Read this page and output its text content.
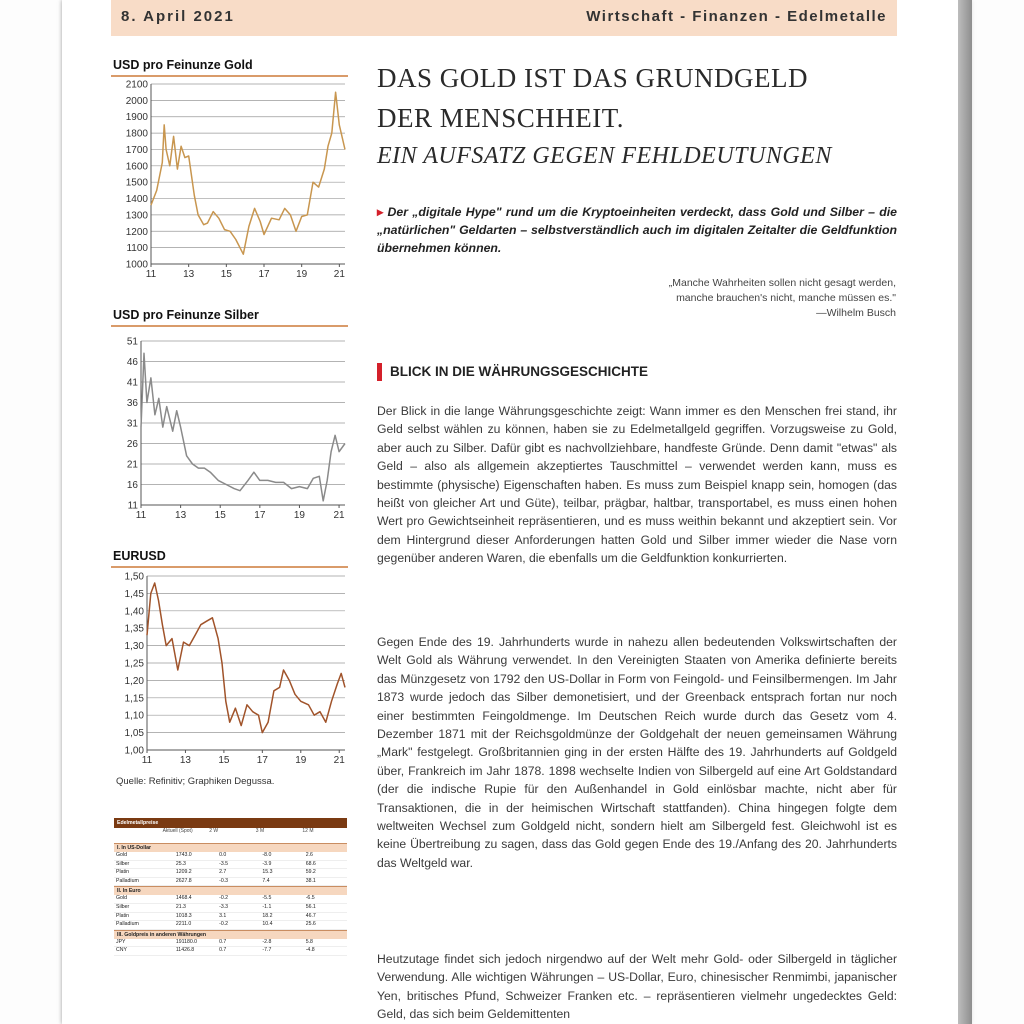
8. April 2021	Wirtschaft - Finanzen - Edelmetalle
USD pro Feinunze Gold
2100
2000
1900
1800
1700
1600
1500
1400
1300
1200
1100
1000
11	13	15	17	19	21
USD pro Feinunze Silber
51
46
41
36
31
26
21
16
11
11	13	15	17	19	21
EURUSD
1,50
1,45
1,40
1,35
1,30
1,25
1,20
1,15
1,10
1,05
1,00
11	13	15	17	19	21
Quelle: Refinitiv; Graphiken Degussa.
Edelmetallpreise
Aktuell (Spot)	2 W	3 M	12 M
I. In US-Dollar
Gold	1743.0	0.0	-8.0	2.6
Silber	25.3	-3.5	-3.9	68.6
Platin	1209.2	2.7	15.3	59.2
Palladium	2627.8	-0.3	7.4	38.1
II. In Euro
Gold	1468.4	-0.2	-5.5	-6.5
Silber	21.3	-3.3	-1.1	56.1
Platin	1018.3	3.1	18.2	46.7
Palladium	2211.0	-0.2	10.4	25.6
III. Goldpreis in anderen Währungen
JPY	191180.0	0.7	-2.8	5.8
CNY	11426.8	0.7	-7.7	-4.8
DAS GOLD IST DAS GRUNDGELD
DER MENSCHHEIT.
EIN AUFSATZ GEGEN FEHLDEUTUNGEN
▸ Der „digitale Hype" rund um die Kryptoeinheiten verdeckt, dass Gold und Silber – die „natürlichen" Geldarten – selbstverständlich auch im digitalen Zeitalter die Geldfunktion übernehmen können.
„Manche Wahrheiten sollen nicht gesagt werden,
manche brauchen's nicht, manche müssen es."
—Wilhelm Busch
BLICK IN DIE WÄHRUNGSGESCHICHTE
Der Blick in die lange Währungsgeschichte zeigt: Wann immer es den Menschen frei stand, ihr Geld selbst wählen zu können, haben sie zu Edelmetallgeld gegriffen. Vorzugsweise zu Gold, aber auch zu Silber. Dafür gibt es nachvollziehbare, handfeste Gründe. Denn damit "etwas" als Geld – also als allgemein akzeptiertes Tauschmittel – verwendet werden kann, muss es bestimmte (physische) Eigenschaften haben. Es muss zum Beispiel knapp sein, homogen (das heißt von gleicher Art und Güte), teilbar, prägbar, haltbar, transportabel, es muss einen hohen Wert pro Gewichtseinheit repräsentieren, und es muss weithin bekannt und akzeptiert sein. Vor dem Hintergrund dieser Anforderungen hatten Gold und Silber immer wieder die Nase vorn gegenüber anderen Waren, die ebenfalls um die Geldfunktion konkurrierten.
Gegen Ende des 19. Jahrhunderts wurde in nahezu allen bedeutenden Volkswirtschaften der Welt Gold als Währung verwendet. In den Vereinigten Staaten von Amerika definierte bereits das Münzgesetz von 1792 den US-Dollar in Form von Feingold- und Feinsilbermengen. Im Jahr 1873 wurde jedoch das Silber demonetisiert, und der Greenback entsprach fortan nur noch einer bestimmten Feingoldmenge. Im Deutschen Reich wurde durch das Gesetz vom 4. Dezember 1871 mit der Reichsgoldmünze der Goldgehalt der neuen gemeinsamen Währung „Mark" festgelegt. Großbritannien ging in der ersten Hälfte des 19. Jahrhunderts auf Goldgeld über, Frankreich im Jahr 1878. 1898 wechselte Indien von Silbergeld auf eine Art Goldstandard (der die indische Rupie für den Außenhandel in Gold einlösbar machte, nicht aber für Transaktionen, die in der heimischen Wirtschaft stattfanden). China hingegen folgte dem weltweiten Wechsel zum Goldgeld nicht, sondern hielt am Silbergeld fest. Gleichwohl ist es keine Übertreibung zu sagen, dass das Gold gegen Ende des 19./Anfang des 20. Jahrhunderts das Weltgeld war.
Heutzutage findet sich jedoch nirgendwo auf der Welt mehr Gold- oder Silbergeld in täglicher Verwendung. Alle wichtigen Währungen – US-Dollar, Euro, chinesischer Renmimbi, japanischer Yen, britisches Pfund, Schweizer Franken etc. – repräsentieren vielmehr ungedecktes Geld: Geld, das sich beim Geldemittenten
